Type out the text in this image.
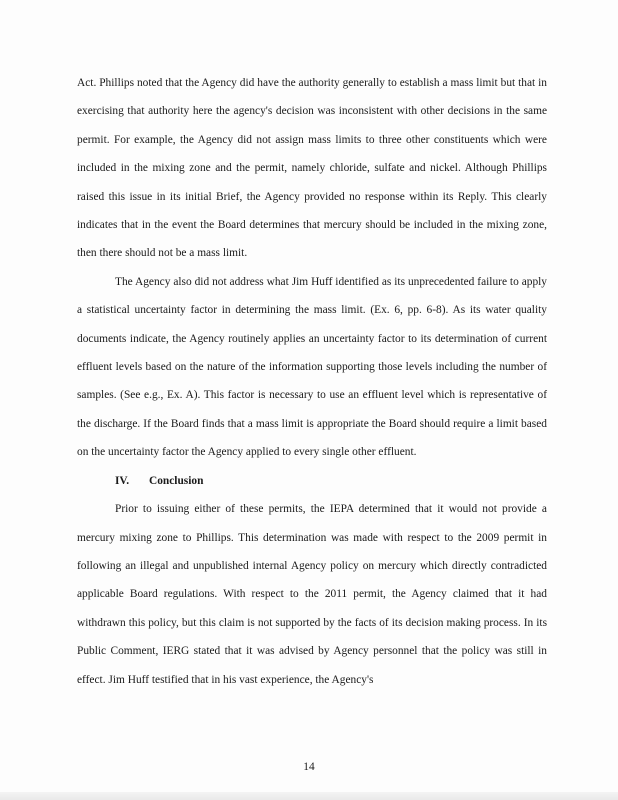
Act. Phillips noted that the Agency did have the authority generally to establish a mass limit but that in exercising that authority here the agency's decision was inconsistent with other decisions in the same permit. For example, the Agency did not assign mass limits to three other constituents which were included in the mixing zone and the permit, namely chloride, sulfate and nickel. Although Phillips raised this issue in its initial Brief, the Agency provided no response within its Reply. This clearly indicates that in the event the Board determines that mercury should be included in the mixing zone, then there should not be a mass limit.

The Agency also did not address what Jim Huff identified as its unprecedented failure to apply a statistical uncertainty factor in determining the mass limit. (Ex. 6, pp. 6-8). As its water quality documents indicate, the Agency routinely applies an uncertainty factor to its determination of current effluent levels based on the nature of the information supporting those levels including the number of samples. (See e.g., Ex. A). This factor is necessary to use an effluent level which is representative of the discharge. If the Board finds that a mass limit is appropriate the Board should require a limit based on the uncertainty factor the Agency applied to every single other effluent.

IV. Conclusion

Prior to issuing either of these permits, the IEPA determined that it would not provide a mercury mixing zone to Phillips. This determination was made with respect to the 2009 permit in following an illegal and unpublished internal Agency policy on mercury which directly contradicted applicable Board regulations. With respect to the 2011 permit, the Agency claimed that it had withdrawn this policy, but this claim is not supported by the facts of its decision making process. In its Public Comment, IERG stated that it was advised by Agency personnel that the policy was still in effect. Jim Huff testified that in his vast experience, the Agency's

14
